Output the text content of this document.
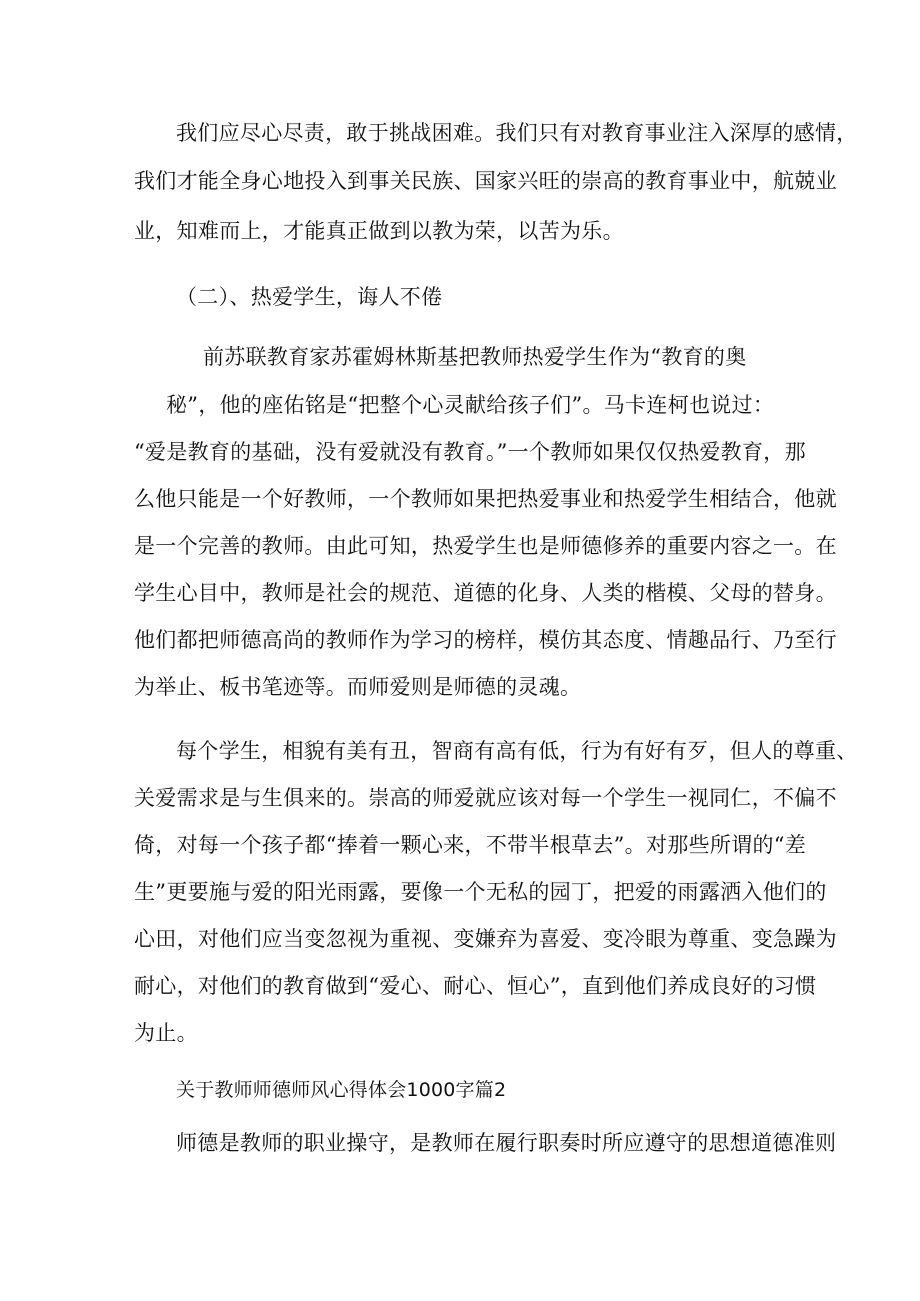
我们应尽心尽责，敢于挑战困难。我们只有对教育事业注入深厚的感情，
我们才能全身心地投入到事关民族、国家兴旺的崇高的教育事业中，航兢业
业，知难而上，才能真正做到以教为荣，以苦为乐。
（二）、热爱学生，诲人不倦
前苏联教育家苏霍姆林斯基把教师热爱学生作为“教育的奥
秘”，他的座佑铭是“把整个心灵献给孩子们”。马卡连柯也说过：
“爱是教育的基础，没有爱就没有教育。”一个教师如果仅仅热爱教育，那
么他只能是一个好教师，一个教师如果把热爱事业和热爱学生相结合，他就
是一个完善的教师。由此可知，热爱学生也是师德修养的重要内容之一。在
学生心目中，教师是社会的规范、道德的化身、人类的楷模、父母的替身。
他们都把师德高尚的教师作为学习的榜样，模仿其态度、情趣品行、乃至行
为举止、板书笔迹等。而师爱则是师德的灵魂。
每个学生，相貌有美有丑，智商有高有低，行为有好有歹，但人的尊重、
关爱需求是与生俱来的。崇高的师爱就应该对每一个学生一视同仁，不偏不
倚，对每一个孩子都“捧着一颗心来，不带半根草去”。对那些所谓的“差
生”更要施与爱的阳光雨露，要像一个无私的园丁，把爱的雨露洒入他们的
心田，对他们应当变忽视为重视、变嫌弃为喜爱、变冷眼为尊重、变急躁为
耐心，对他们的教育做到“爱心、耐心、恒心”，直到他们养成良好的习惯
为止。
关于教师师德师风心得体会1000字篇2
师德是教师的职业操守，是教师在履行职奏时所应遵守的思想道德准则
